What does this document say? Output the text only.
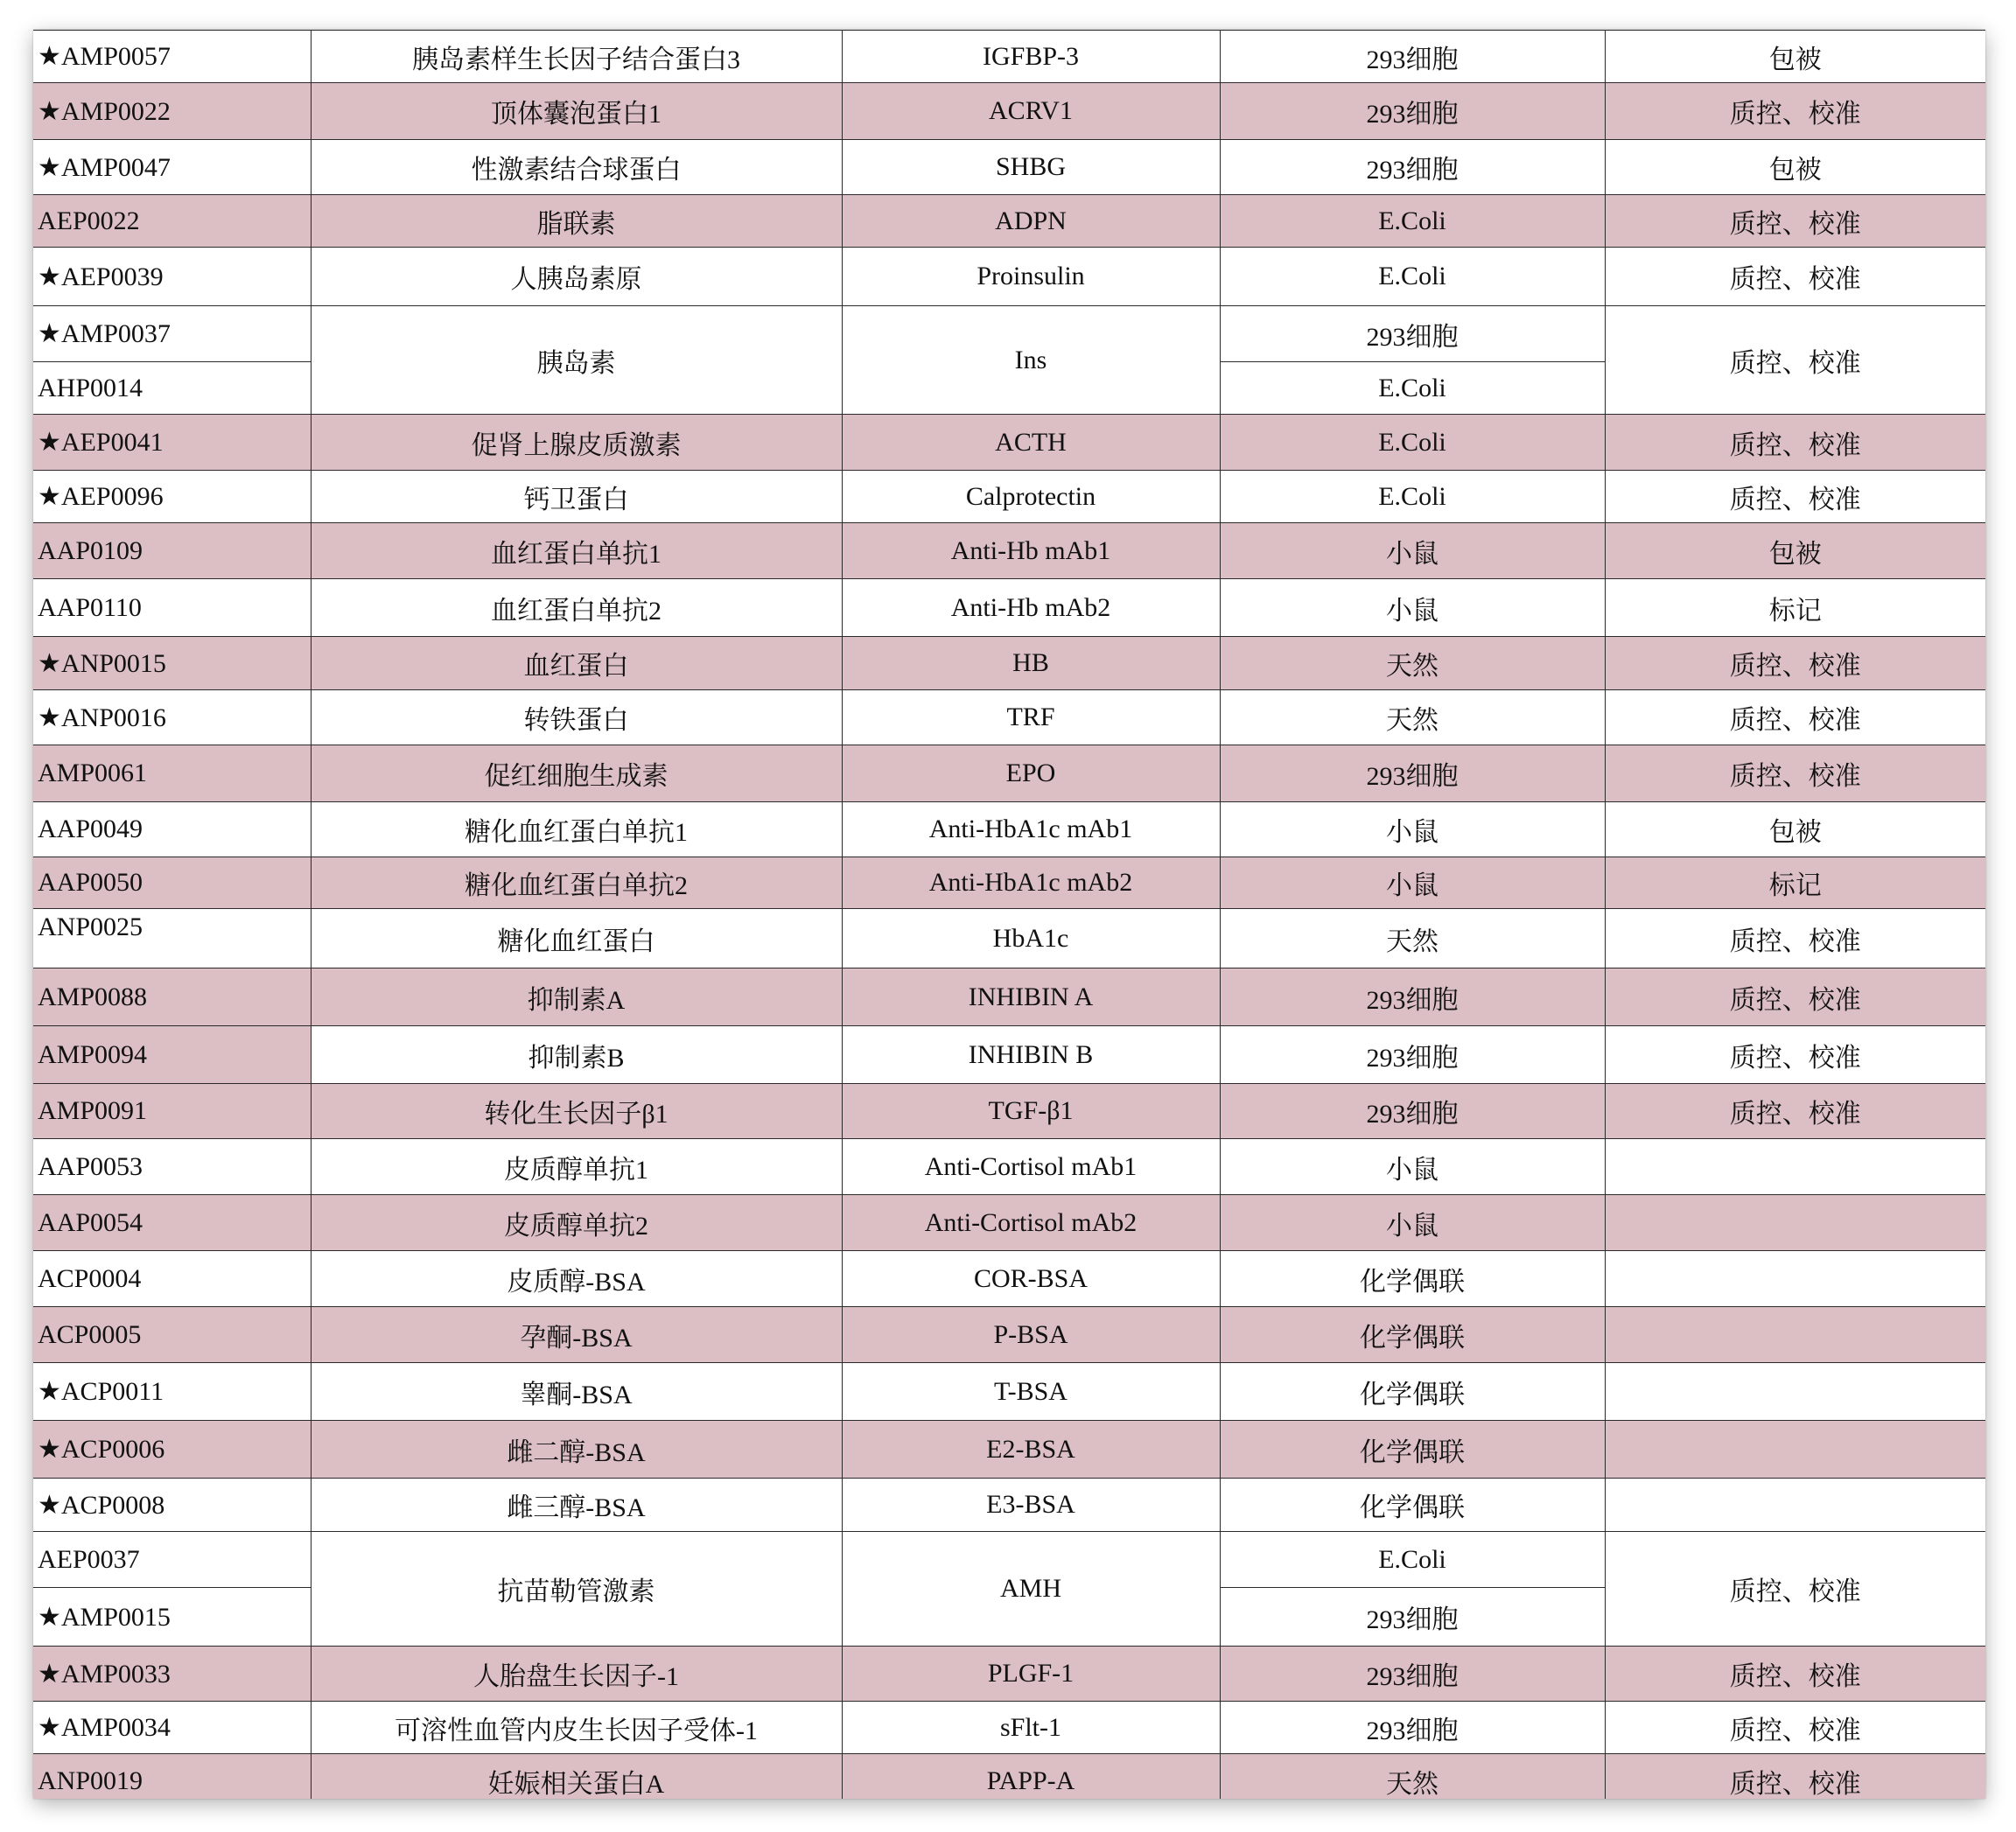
★AMP0057	胰岛素样生长因子结合蛋白3	IGFBP-3	293细胞	包被
★AMP0022	顶体囊泡蛋白1	ACRV1	293细胞	质控、校准
★AMP0047	性激素结合球蛋白	SHBG	293细胞	包被
AEP0022	脂联素	ADPN	E.Coli	质控、校准
★AEP0039	人胰岛素原	Proinsulin	E.Coli	质控、校准
★AMP0037	胰岛素	Ins	293细胞	质控、校准
AHP0014			E.Coli	
★AEP0041	促肾上腺皮质激素	ACTH	E.Coli	质控、校准
★AEP0096	钙卫蛋白	Calprotectin	E.Coli	质控、校准
AAP0109	血红蛋白单抗1	Anti-Hb mAb1	小鼠	包被
AAP0110	血红蛋白单抗2	Anti-Hb mAb2	小鼠	标记
★ANP0015	血红蛋白	HB	天然	质控、校准
★ANP0016	转铁蛋白	TRF	天然	质控、校准
AMP0061	促红细胞生成素	EPO	293细胞	质控、校准
AAP0049	糖化血红蛋白单抗1	Anti-HbA1c mAb1	小鼠	包被
AAP0050	糖化血红蛋白单抗2	Anti-HbA1c mAb2	小鼠	标记
ANP0025	糖化血红蛋白	HbA1c	天然	质控、校准
AMP0088	抑制素A	INHIBIN A	293细胞	质控、校准
AMP0094	抑制素B	INHIBIN B	293细胞	质控、校准
AMP0091	转化生长因子β1	TGF-β1	293细胞	质控、校准
AAP0053	皮质醇单抗1	Anti-Cortisol mAb1	小鼠	
AAP0054	皮质醇单抗2	Anti-Cortisol mAb2	小鼠	
ACP0004	皮质醇-BSA	COR-BSA	化学偶联	
ACP0005	孕酮-BSA	P-BSA	化学偶联	
★ACP0011	睾酮-BSA	T-BSA	化学偶联	
★ACP0006	雌二醇-BSA	E2-BSA	化学偶联	
★ACP0008	雌三醇-BSA	E3-BSA	化学偶联	
AEP0037	抗苗勒管激素	AMH	E.Coli	质控、校准
★AMP0015			293细胞	
★AMP0033	人胎盘生长因子-1	PLGF-1	293细胞	质控、校准
★AMP0034	可溶性血管内皮生长因子受体-1	sFlt-1	293细胞	质控、校准
ANP0019	妊娠相关蛋白A	PAPP-A	天然	质控、校准
